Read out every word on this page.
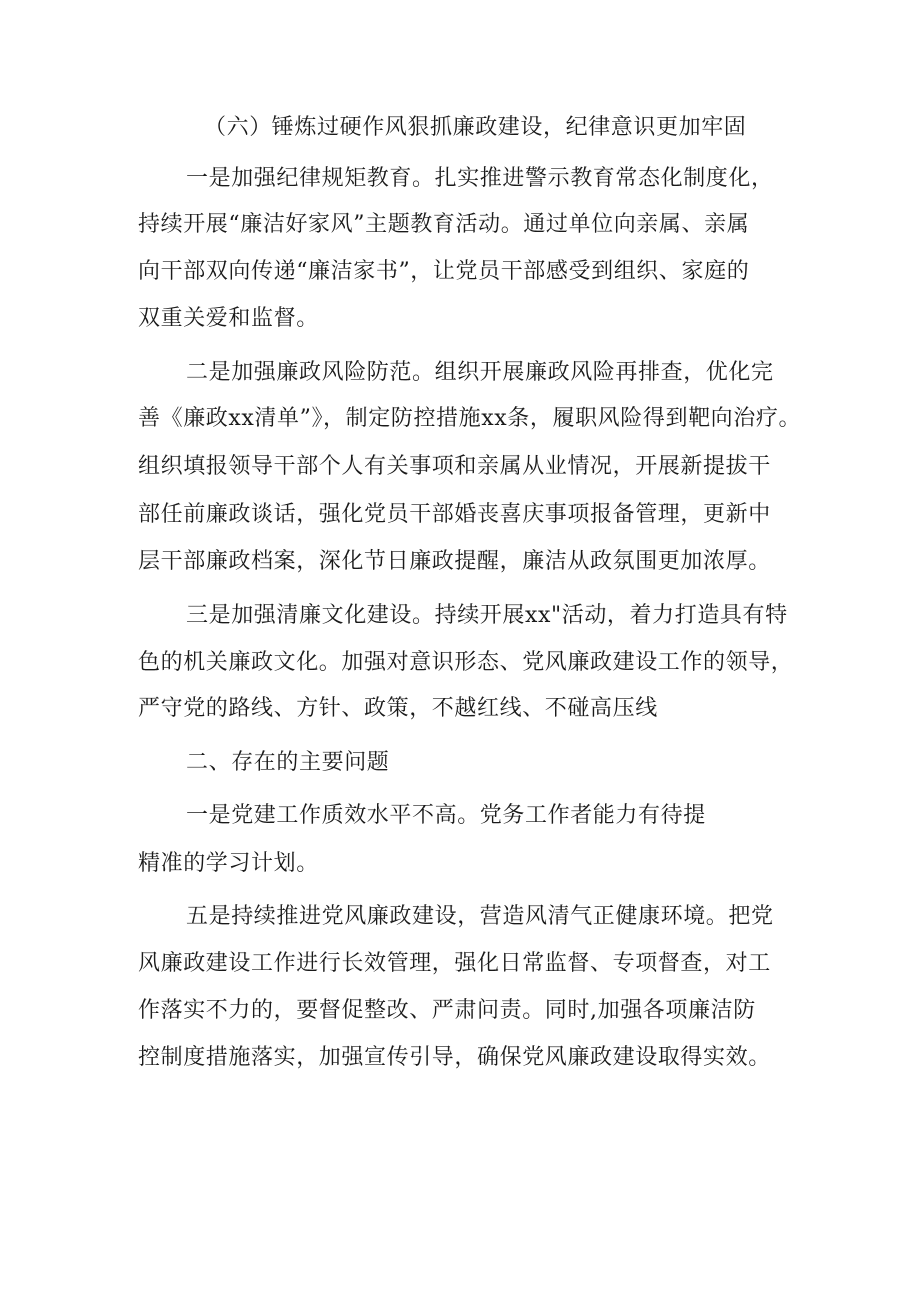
（六）锤炼过硬作风狠抓廉政建设，纪律意识更加牢固
一是加强纪律规矩教育。扎实推进警示教育常态化制度化，
持续开展“廉洁好家风”主题教育活动。通过单位向亲属、亲属
向干部双向传递“廉洁家书”，让党员干部感受到组织、家庭的
双重关爱和监督。
二是加强廉政风险防范。组织开展廉政风险再排查，优化完
善《廉政xx清单”》，制定防控措施xx条，履职风险得到靶向治疗。
组织填报领导干部个人有关事项和亲属从业情况，开展新提拔干
部任前廉政谈话，强化党员干部婚丧喜庆事项报备管理，更新中
层干部廉政档案，深化节日廉政提醒，廉洁从政氛围更加浓厚。
三是加强清廉文化建设。持续开展xx"活动，着力打造具有特
色的机关廉政文化。加强对意识形态、党风廉政建设工作的领导，
严守党的路线、方针、政策，不越红线、不碰高压线
二、存在的主要问题
一是党建工作质效水平不高。党务工作者能力有待提
精准的学习计划。
五是持续推进党风廉政建设，营造风清气正健康环境。把党
风廉政建设工作进行长效管理，强化日常监督、专项督查，对工
作落实不力的，要督促整改、严肃问责。同时,加强各项廉洁防
控制度措施落实，加强宣传引导，确保党风廉政建设取得实效。
